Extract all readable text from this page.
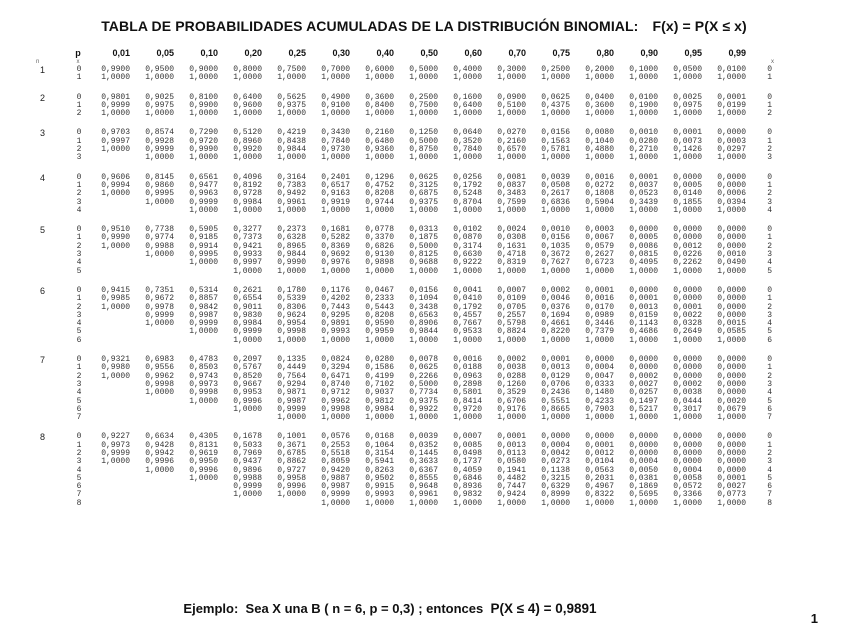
TABLA DE PROBABILIDADES ACUMULADAS DE LA DISTRIBUCIÓN BINOMIAL: F(x) = P(X ≤ x)
	p	0,01	0,05	0,10	0,20	0,25	0,30	0,40	0,50	0,60	0,70	0,75	0,80	0,90	0,95	0,99	
n	x																x
1	0	0,9900	0,9500	0,9000	0,8000	0,7500	0,7000	0,6000	0,5000	0,4000	0,3000	0,2500	0,2000	0,1000	0,0500	0,0100	0
	1	1,0000	1,0000	1,0000	1,0000	1,0000	1,0000	1,0000	1,0000	1,0000	1,0000	1,0000	1,0000	1,0000	1,0000	1,0000	1

2	0	0,9801	0,9025	0,8100	0,6400	0,5625	0,4900	0,3600	0,2500	0,1600	0,0900	0,0625	0,0400	0,0100	0,0025	0,0001	0
	1	0,9999	0,9975	0,9900	0,9600	0,9375	0,9100	0,8400	0,7500	0,6400	0,5100	0,4375	0,3600	0,1900	0,0975	0,0199	1
	2	1,0000	1,0000	1,0000	1,0000	1,0000	1,0000	1,0000	1,0000	1,0000	1,0000	1,0000	1,0000	1,0000	1,0000	1,0000	2

3	0	0,9703	0,8574	0,7290	0,5120	0,4219	0,3430	0,2160	0,1250	0,0640	0,0270	0,0156	0,0080	0,0010	0,0001	0,0000	0
	1	0,9997	0,9928	0,9720	0,8960	0,8438	0,7840	0,6480	0,5000	0,3520	0,2160	0,1563	0,1040	0,0280	0,0073	0,0003	1
	2	1,0000	0,9999	0,9990	0,9920	0,9844	0,9730	0,9360	0,8750	0,7840	0,6570	0,5781	0,4880	0,2710	0,1426	0,0297	2
	3		1,0000	1,0000	1,0000	1,0000	1,0000	1,0000	1,0000	1,0000	1,0000	1,0000	1,0000	1,0000	1,0000	1,0000	3

4	0	0,9606	0,8145	0,6561	0,4096	0,3164	0,2401	0,1296	0,0625	0,0256	0,0081	0,0039	0,0016	0,0001	0,0000	0,0000	0
	1	0,9994	0,9860	0,9477	0,8192	0,7383	0,6517	0,4752	0,3125	0,1792	0,0837	0,0508	0,0272	0,0037	0,0005	0,0000	1
	2	1,0000	0,9995	0,9963	0,9728	0,9492	0,9163	0,8208	0,6875	0,5248	0,3483	0,2617	0,1808	0,0523	0,0140	0,0006	2
	3		1,0000	0,9999	0,9984	0,9961	0,9919	0,9744	0,9375	0,8704	0,7599	0,6836	0,5904	0,3439	0,1855	0,0394	3
	4			1,0000	1,0000	1,0000	1,0000	1,0000	1,0000	1,0000	1,0000	1,0000	1,0000	1,0000	1,0000	1,0000	4

5	0	0,9510	0,7738	0,5905	0,3277	0,2373	0,1681	0,0778	0,0313	0,0102	0,0024	0,0010	0,0003	0,0000	0,0000	0,0000	0
	1	0,9990	0,9774	0,9185	0,7373	0,6328	0,5282	0,3370	0,1875	0,0870	0,0308	0,0156	0,0067	0,0005	0,0000	0,0000	1
	2	1,0000	0,9988	0,9914	0,9421	0,8965	0,8369	0,6826	0,5000	0,3174	0,1631	0,1035	0,0579	0,0086	0,0012	0,0000	2
	3		1,0000	0,9995	0,9933	0,9844	0,9692	0,9130	0,8125	0,6630	0,4718	0,3672	0,2627	0,0815	0,0226	0,0010	3
	4			1,0000	0,9997	0,9990	0,9976	0,9898	0,9688	0,9222	0,8319	0,7627	0,6723	0,4095	0,2262	0,0490	4
	5				1,0000	1,0000	1,0000	1,0000	1,0000	1,0000	1,0000	1,0000	1,0000	1,0000	1,0000	1,0000	5

6	0	0,9415	0,7351	0,5314	0,2621	0,1780	0,1176	0,0467	0,0156	0,0041	0,0007	0,0002	0,0001	0,0000	0,0000	0,0000	0
	1	0,9985	0,9672	0,8857	0,6554	0,5339	0,4202	0,2333	0,1094	0,0410	0,0109	0,0046	0,0016	0,0001	0,0000	0,0000	1
	2	1,0000	0,9978	0,9842	0,9011	0,8306	0,7443	0,5443	0,3438	0,1792	0,0705	0,0376	0,0170	0,0013	0,0001	0,0000	2
	3		0,9999	0,9987	0,9830	0,9624	0,9295	0,8208	0,6563	0,4557	0,2557	0,1694	0,0989	0,0159	0,0022	0,0000	3
	4		1,0000	0,9999	0,9984	0,9954	0,9891	0,9590	0,8906	0,7667	0,5798	0,4661	0,3446	0,1143	0,0328	0,0015	4
	5			1,0000	0,9999	0,9998	0,9993	0,9959	0,9844	0,9533	0,8824	0,8220	0,7379	0,4686	0,2649	0,0585	5
	6				1,0000	1,0000	1,0000	1,0000	1,0000	1,0000	1,0000	1,0000	1,0000	1,0000	1,0000	1,0000	6

7	0	0,9321	0,6983	0,4783	0,2097	0,1335	0,0824	0,0280	0,0078	0,0016	0,0002	0,0001	0,0000	0,0000	0,0000	0,0000	0
	1	0,9980	0,9556	0,8503	0,5767	0,4449	0,3294	0,1586	0,0625	0,0188	0,0038	0,0013	0,0004	0,0000	0,0000	0,0000	1
	2	1,0000	0,9962	0,9743	0,8520	0,7564	0,6471	0,4199	0,2266	0,0963	0,0288	0,0129	0,0047	0,0002	0,0000	0,0000	2
	3		0,9998	0,9973	0,9667	0,9294	0,8740	0,7102	0,5000	0,2898	0,1260	0,0706	0,0333	0,0027	0,0002	0,0000	3
	4		1,0000	0,9998	0,9953	0,9871	0,9712	0,9037	0,7734	0,5801	0,3529	0,2436	0,1480	0,0257	0,0038	0,0000	4
	5			1,0000	0,9996	0,9987	0,9962	0,9812	0,9375	0,8414	0,6706	0,5551	0,4233	0,1497	0,0444	0,0020	5
	6				1,0000	0,9999	0,9998	0,9984	0,9922	0,9720	0,9176	0,8665	0,7903	0,5217	0,3017	0,0679	6
	7					1,0000	1,0000	1,0000	1,0000	1,0000	1,0000	1,0000	1,0000	1,0000	1,0000	1,0000	7

8	0	0,9227	0,6634	0,4305	0,1678	0,1001	0,0576	0,0168	0,0039	0,0007	0,0001	0,0000	0,0000	0,0000	0,0000	0,0000	0
	1	0,9973	0,9428	0,8131	0,5033	0,3671	0,2553	0,1064	0,0352	0,0085	0,0013	0,0004	0,0001	0,0000	0,0000	0,0000	1
	2	0,9999	0,9942	0,9619	0,7969	0,6785	0,5518	0,3154	0,1445	0,0498	0,0113	0,0042	0,0012	0,0000	0,0000	0,0000	2
	3	1,0000	0,9996	0,9950	0,9437	0,8862	0,8059	0,5941	0,3633	0,1737	0,0580	0,0273	0,0104	0,0004	0,0000	0,0000	3
	4		1,0000	0,9996	0,9896	0,9727	0,9420	0,8263	0,6367	0,4059	0,1941	0,1138	0,0563	0,0050	0,0004	0,0000	4
	5			1,0000	0,9988	0,9958	0,9887	0,9502	0,8555	0,6846	0,4482	0,3215	0,2031	0,0381	0,0058	0,0001	5
	6				0,9999	0,9996	0,9987	0,9915	0,9648	0,8936	0,7447	0,6329	0,4967	0,1869	0,0572	0,0027	6
	7				1,0000	1,0000	0,9999	0,9993	0,9961	0,9832	0,9424	0,8999	0,8322	0,5695	0,3366	0,0773	7
	8						1,0000	1,0000	1,0000	1,0000	1,0000	1,0000	1,0000	1,0000	1,0000	1,0000	8
Ejemplo: Sea X una B ( n = 6, p = 0,3) ; entonces P(X ≤ 4) = 0,9891
1
